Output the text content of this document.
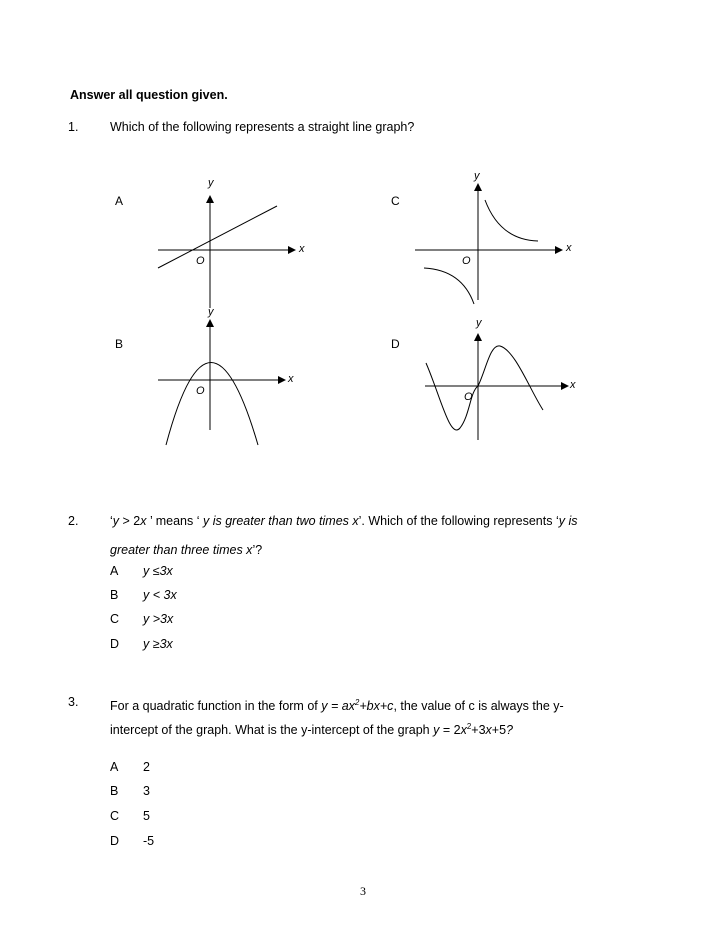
Answer all question given.
1.	Which of the following represents a straight line graph?
A
y
x
O
C
y
x
O
B
y
x
O
D
y
x
O
2.	‘y > 2x ’ means ‘ y is greater than two times x’. Which of the following represents ‘y is
greater than three times x’?
A y ≤3x
B y < 3x
C y >3x
D y ≥3x
3.	For a quadratic function in the form of $y = ax^2+bx+c$, the value of c is always the y-
intercept of the graph. What is the y-intercept of the graph $y = 2x^2+3x+5$?
A 2
B 3
C 5
D -5
3
